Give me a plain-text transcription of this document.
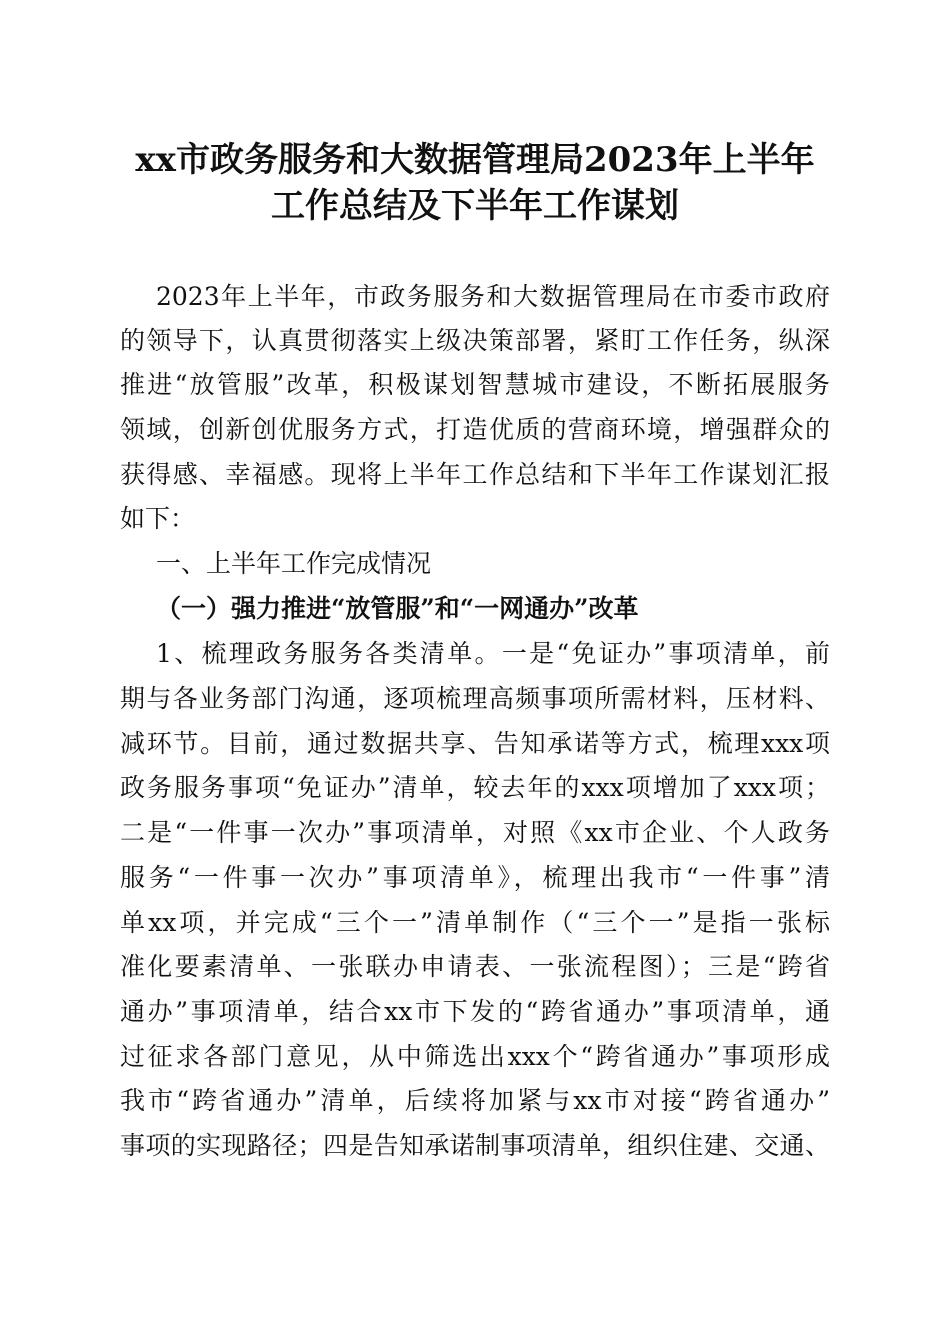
xx市政务服务和大数据管理局2023年上半年
工作总结及下半年工作谋划
2023年上半年，市政务服务和大数据管理局在市委市政府
的领导下，认真贯彻落实上级决策部署，紧盯工作任务，纵深
推进“放管服”改革，积极谋划智慧城市建设，不断拓展服务
领域，创新创优服务方式，打造优质的营商环境，增强群众的
获得感、幸福感。现将上半年工作总结和下半年工作谋划汇报
如下：
一、上半年工作完成情况
（一）强力推进“放管服”和“一网通办”改革
1、梳理政务服务各类清单。一是“免证办”事项清单，前
期与各业务部门沟通，逐项梳理高频事项所需材料，压材料、
减环节。目前，通过数据共享、告知承诺等方式，梳理xxx项
政务服务事项“免证办”清单，较去年的xxx项增加了xxx项；
二是“一件事一次办”事项清单，对照《xx市企业、个人政务
服务“一件事一次办”事项清单》，梳理出我市“一件事”清
单xx项，并完成“三个一”清单制作（“三个一”是指一张标
准化要素清单、一张联办申请表、一张流程图）；三是“跨省
通办”事项清单，结合xx市下发的“跨省通办”事项清单，通
过征求各部门意见，从中筛选出xxx个“跨省通办”事项形成
我市“跨省通办”清单，后续将加紧与xx市对接“跨省通办”
事项的实现路径；四是告知承诺制事项清单，组织住建、交通、
